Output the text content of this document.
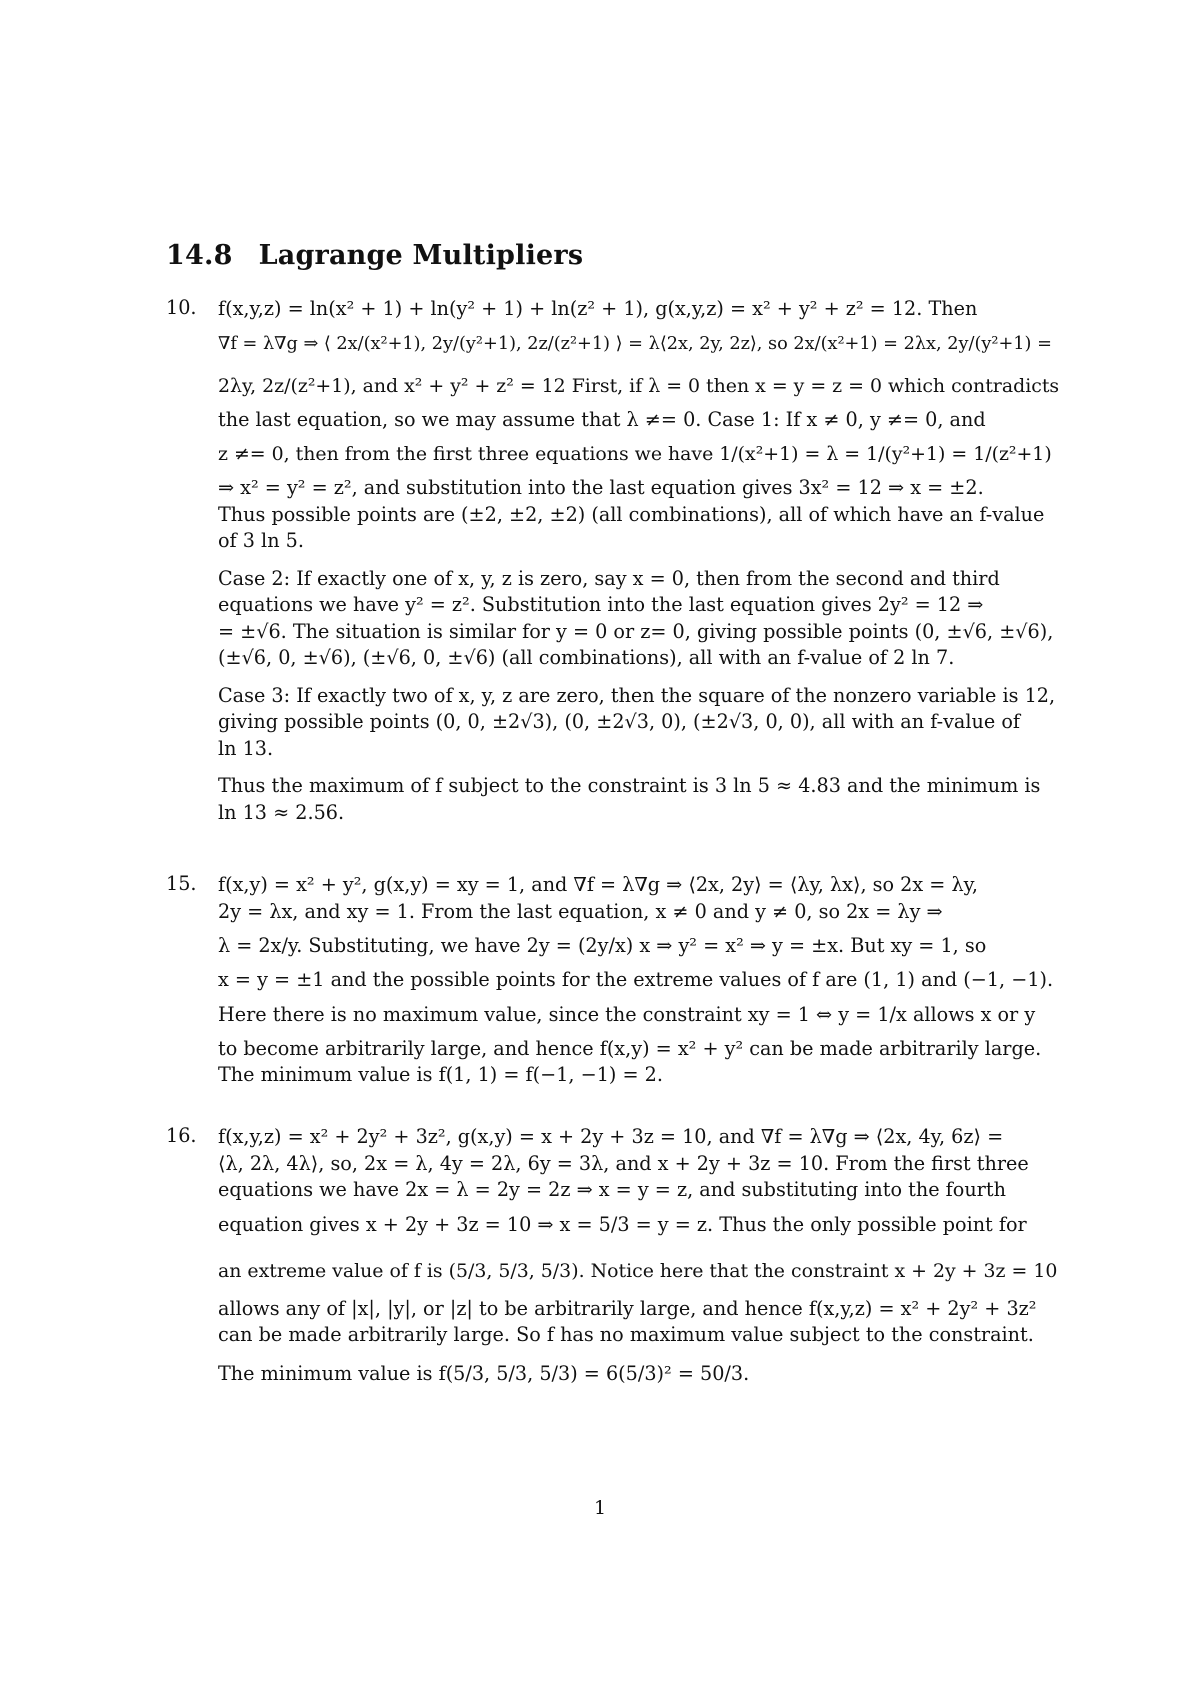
14.8 Lagrange Multipliers
10. f(x,y,z) = ln(x² + 1) + ln(y² + 1) + ln(z² + 1), g(x,y,z) = x² + y² + z² = 12. Then
∇f = λ∇g ⇒ ⟨ 2x/(x²+1), 2y/(y²+1), 2z/(z²+1) ⟩ = λ⟨2x, 2y, 2z⟩, so 2x/(x²+1) = 2λx, 2y/(y²+1) =
2λy, 2z/(z²+1), and x² + y² + z² = 12 First, if λ = 0 then x = y = z = 0 which contradicts
the last equation, so we may assume that λ ≠= 0. Case 1: If x ≠ 0, y ≠= 0, and
z ≠= 0, then from the first three equations we have 1/(x²+1) = λ = 1/(y²+1) = 1/(z²+1)
⇒ x² = y² = z², and substitution into the last equation gives 3x² = 12 ⇒ x = ±2.
Thus possible points are (±2, ±2, ±2) (all combinations), all of which have an f-value
of 3 ln 5.
Case 2: If exactly one of x, y, z is zero, say x = 0, then from the second and third
equations we have y² = z². Substitution into the last equation gives 2y² = 12 ⇒
= ±√6. The situation is similar for y = 0 or z= 0, giving possible points (0, ±√6, ±√6),
(±√6, 0, ±√6), (±√6, 0, ±√6) (all combinations), all with an f-value of 2 ln 7.
Case 3: If exactly two of x, y, z are zero, then the square of the nonzero variable is 12,
giving possible points (0, 0, ±2√3), (0, ±2√3, 0), (±2√3, 0, 0), all with an f-value of
ln 13.
Thus the maximum of f subject to the constraint is 3 ln 5 ≈ 4.83 and the minimum is
ln 13 ≈ 2.56.
15. f(x,y) = x² + y², g(x,y) = xy = 1, and ∇f = λ∇g ⇒ ⟨2x, 2y⟩ = ⟨λy, λx⟩, so 2x = λy,
2y = λx, and xy = 1. From the last equation, x ≠ 0 and y ≠ 0, so 2x = λy ⇒
λ = 2x/y. Substituting, we have 2y = (2y/x) x ⇒ y² = x² ⇒ y = ±x. But xy = 1, so
x = y = ±1 and the possible points for the extreme values of f are (1, 1) and (−1, −1).
Here there is no maximum value, since the constraint xy = 1 ⇔ y = 1/x allows x or y
to become arbitrarily large, and hence f(x,y) = x² + y² can be made arbitrarily large.
The minimum value is f(1, 1) = f(−1, −1) = 2.
16. f(x,y,z) = x² + 2y² + 3z², g(x,y) = x + 2y + 3z = 10, and ∇f = λ∇g ⇒ ⟨2x, 4y, 6z⟩ =
⟨λ, 2λ, 4λ⟩, so, 2x = λ, 4y = 2λ, 6y = 3λ, and x + 2y + 3z = 10. From the first three
equations we have 2x = λ = 2y = 2z ⇒ x = y = z, and substituting into the fourth
equation gives x + 2y + 3z = 10 ⇒ x = 5/3 = y = z. Thus the only possible point for
an extreme value of f is (5/3, 5/3, 5/3). Notice here that the constraint x + 2y + 3z = 10
allows any of |x|, |y|, or |z| to be arbitrarily large, and hence f(x,y,z) = x² + 2y² + 3z²
can be made arbitrarily large. So f has no maximum value subject to the constraint.
The minimum value is f(5/3, 5/3, 5/3) = 6(5/3)² = 50/3.
1
